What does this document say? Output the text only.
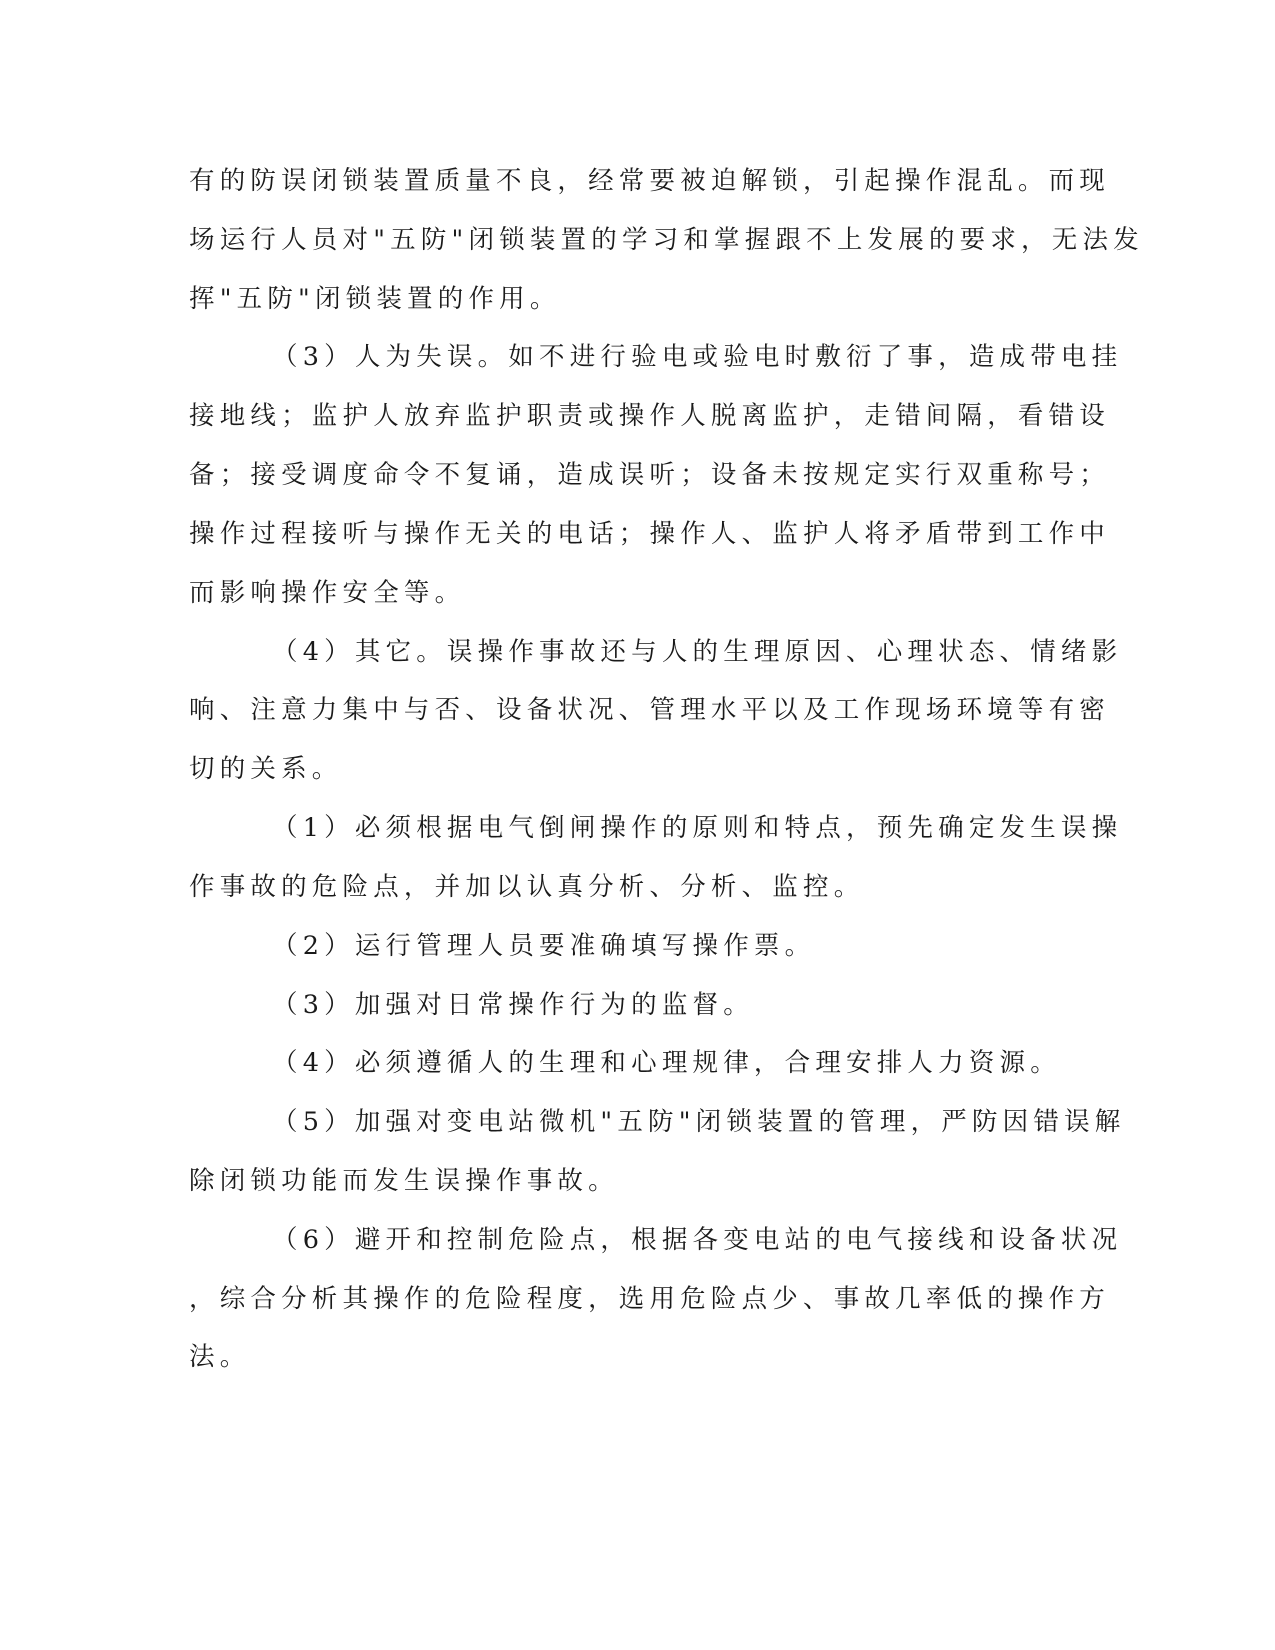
有的防误闭锁装置质量不良，经常要被迫解锁，引起操作混乱。而现
场运行人员对"五防"闭锁装置的学习和掌握跟不上发展的要求，无法发
挥"五防"闭锁装置的作用。
（3）人为失误。如不进行验电或验电时敷衍了事，造成带电挂
接地线；监护人放弃监护职责或操作人脱离监护，走错间隔，看错设
备；接受调度命令不复诵，造成误听；设备未按规定实行双重称号；
操作过程接听与操作无关的电话；操作人、监护人将矛盾带到工作中
而影响操作安全等。
（4）其它。误操作事故还与人的生理原因、心理状态、情绪影
响、注意力集中与否、设备状况、管理水平以及工作现场环境等有密
切的关系。
（1）必须根据电气倒闸操作的原则和特点，预先确定发生误操
作事故的危险点，并加以认真分析、分析、监控。
（2）运行管理人员要准确填写操作票。
（3）加强对日常操作行为的监督。
（4）必须遵循人的生理和心理规律，合理安排人力资源。
（5）加强对变电站微机"五防"闭锁装置的管理，严防因错误解
除闭锁功能而发生误操作事故。
（6）避开和控制危险点，根据各变电站的电气接线和设备状况
，综合分析其操作的危险程度，选用危险点少、事故几率低的操作方
法。
